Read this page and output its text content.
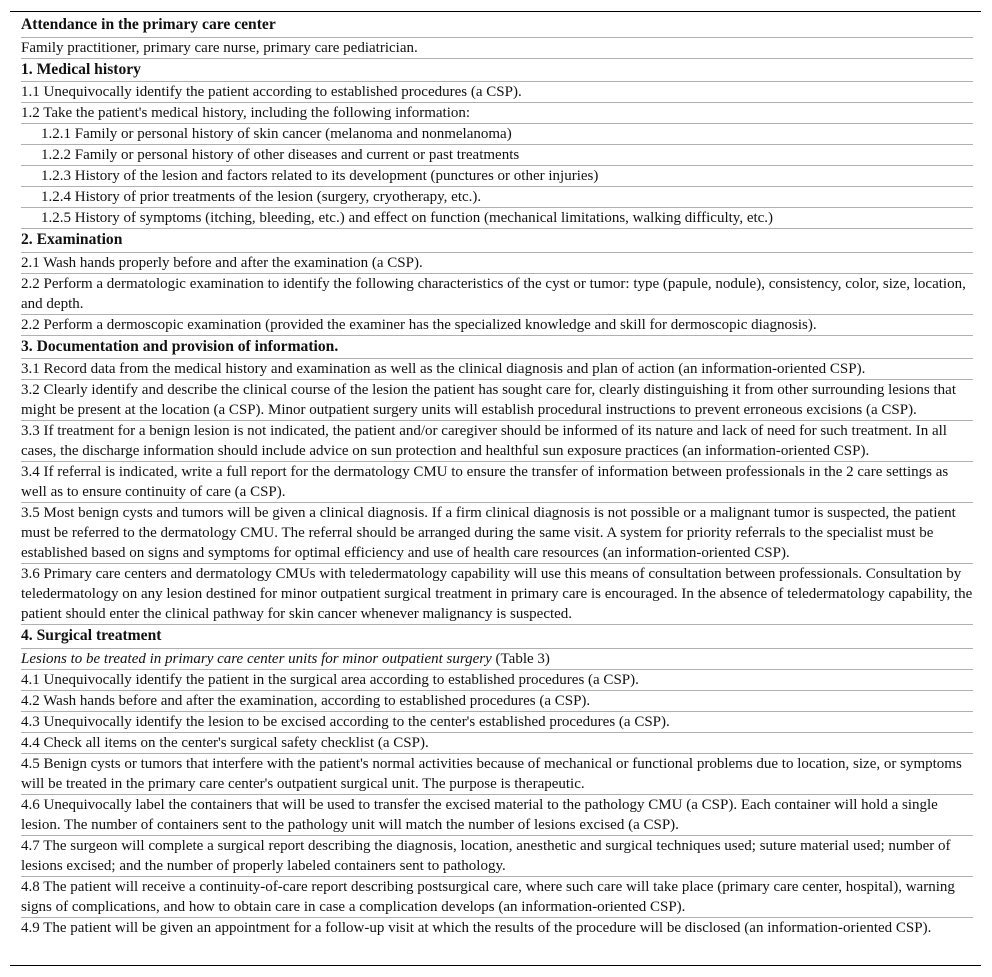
Attendance in the primary care center
Family practitioner, primary care nurse, primary care pediatrician.
1. Medical history
1.1 Unequivocally identify the patient according to established procedures (a CSP).
1.2 Take the patient's medical history, including the following information:
1.2.1 Family or personal history of skin cancer (melanoma and nonmelanoma)
1.2.2 Family or personal history of other diseases and current or past treatments
1.2.3 History of the lesion and factors related to its development (punctures or other injuries)
1.2.4 History of prior treatments of the lesion (surgery, cryotherapy, etc.).
1.2.5 History of symptoms (itching, bleeding, etc.) and effect on function (mechanical limitations, walking difficulty, etc.)
2. Examination
2.1 Wash hands properly before and after the examination (a CSP).
2.2 Perform a dermatologic examination to identify the following characteristics of the cyst or tumor: type (papule, nodule), consistency, color, size, location, and depth.
2.2 Perform a dermoscopic examination (provided the examiner has the specialized knowledge and skill for dermoscopic diagnosis).
3. Documentation and provision of information.
3.1 Record data from the medical history and examination as well as the clinical diagnosis and plan of action (an information-oriented CSP).
3.2 Clearly identify and describe the clinical course of the lesion the patient has sought care for, clearly distinguishing it from other surrounding lesions that might be present at the location (a CSP). Minor outpatient surgery units will establish procedural instructions to prevent erroneous excisions (a CSP).
3.3 If treatment for a benign lesion is not indicated, the patient and/or caregiver should be informed of its nature and lack of need for such treatment. In all cases, the discharge information should include advice on sun protection and healthful sun exposure practices (an information-oriented CSP).
3.4 If referral is indicated, write a full report for the dermatology CMU to ensure the transfer of information between professionals in the 2 care settings as well as to ensure continuity of care (a CSP).
3.5 Most benign cysts and tumors will be given a clinical diagnosis. If a firm clinical diagnosis is not possible or a malignant tumor is suspected, the patient must be referred to the dermatology CMU. The referral should be arranged during the same visit. A system for priority referrals to the specialist must be established based on signs and symptoms for optimal efficiency and use of health care resources (an information-oriented CSP).
3.6 Primary care centers and dermatology CMUs with teledermatology capability will use this means of consultation between professionals. Consultation by teledermatology on any lesion destined for minor outpatient surgical treatment in primary care is encouraged. In the absence of teledermatology capability, the patient should enter the clinical pathway for skin cancer whenever malignancy is suspected.
4. Surgical treatment
Lesions to be treated in primary care center units for minor outpatient surgery (Table 3)
4.1 Unequivocally identify the patient in the surgical area according to established procedures (a CSP).
4.2 Wash hands before and after the examination, according to established procedures (a CSP).
4.3 Unequivocally identify the lesion to be excised according to the center's established procedures (a CSP).
4.4 Check all items on the center's surgical safety checklist (a CSP).
4.5 Benign cysts or tumors that interfere with the patient's normal activities because of mechanical or functional problems due to location, size, or symptoms will be treated in the primary care center's outpatient surgical unit. The purpose is therapeutic.
4.6 Unequivocally label the containers that will be used to transfer the excised material to the pathology CMU (a CSP). Each container will hold a single lesion. The number of containers sent to the pathology unit will match the number of lesions excised (a CSP).
4.7 The surgeon will complete a surgical report describing the diagnosis, location, anesthetic and surgical techniques used; suture material used; number of lesions excised; and the number of properly labeled containers sent to pathology.
4.8 The patient will receive a continuity-of-care report describing postsurgical care, where such care will take place (primary care center, hospital), warning signs of complications, and how to obtain care in case a complication develops (an information-oriented CSP).
4.9 The patient will be given an appointment for a follow-up visit at which the results of the procedure will be disclosed (an information-oriented CSP).
